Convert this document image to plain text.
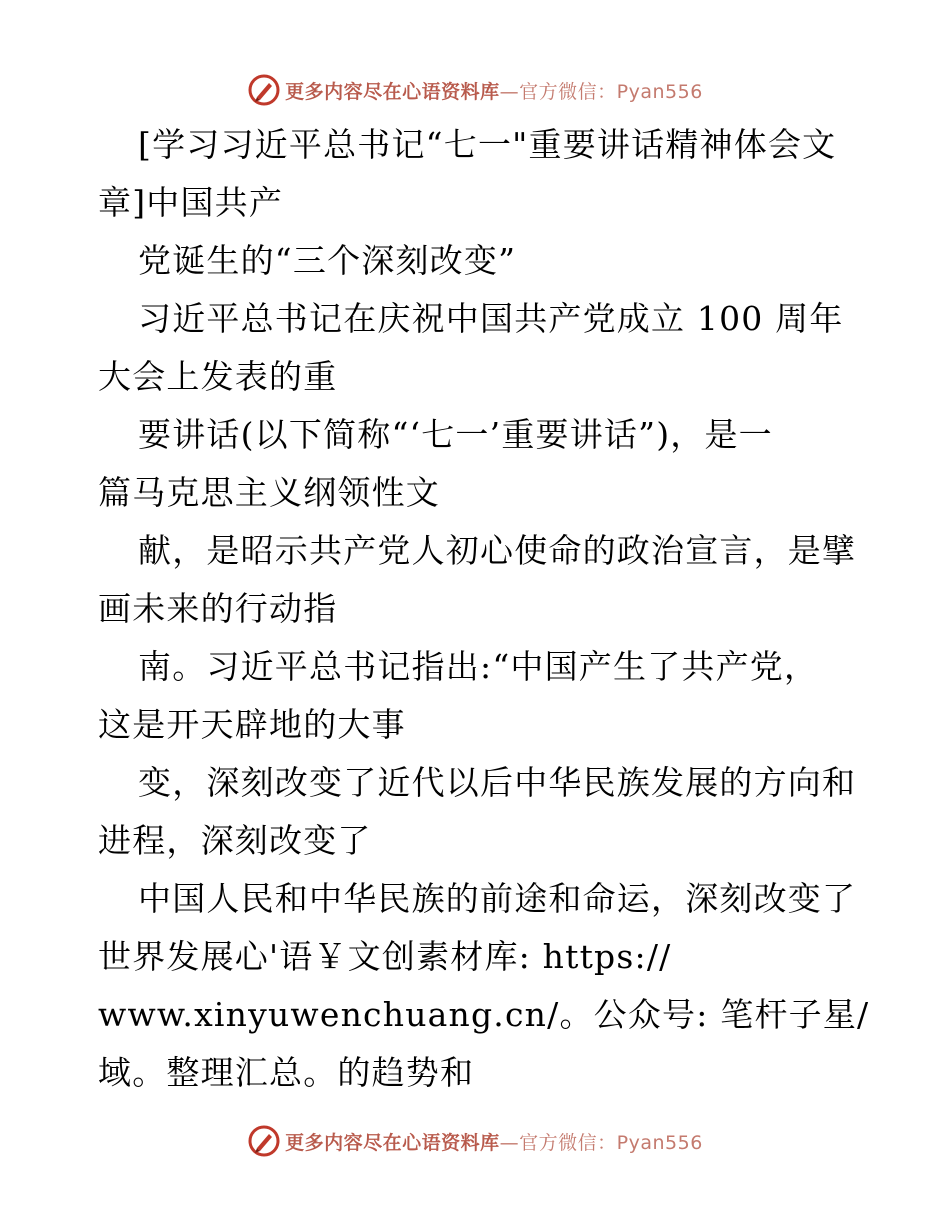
更多内容尽在心语资料库—官方微信：Pyan556
[学习习近平总书记“七一"重要讲话精神体会文
章]中国共产
党诞生的“三个深刻改变”
习近平总书记在庆祝中国共产党成立 100 周年
大会上发表的重
要讲话(以下简称“‘七一’重要讲话”)，是一
篇马克思主义纲领性文
献，是昭示共产党人初心使命的政治宣言，是擘
画未来的行动指
南。习近平总书记指出:“中国产生了共产党，
这是开天辟地的大事
变，深刻改变了近代以后中华民族发展的方向和
进程，深刻改变了
中国人民和中华民族的前途和命运，深刻改变了
世界发展心'语￥文创素材库: https://
www.xinyuwenchuang.cn/。公众号: 笔杆子星/
域。整理汇总。的趋势和
更多内容尽在心语资料库—官方微信：Pyan556
